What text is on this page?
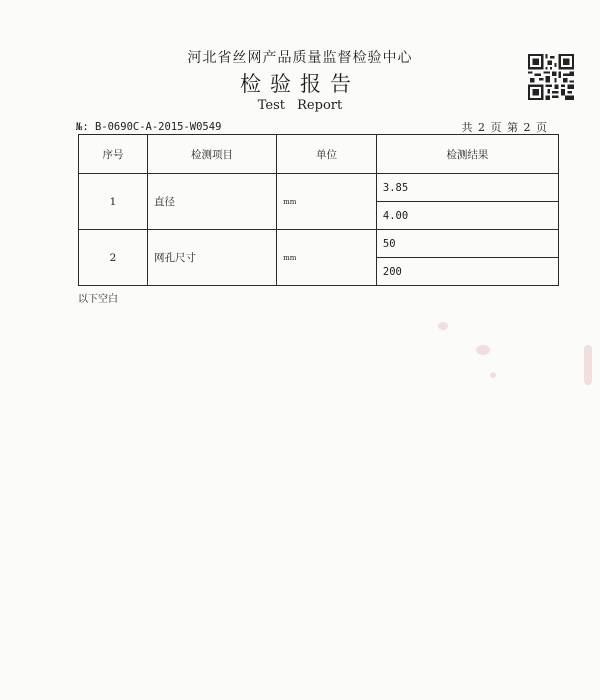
河北省丝网产品质量监督检验中心
检验报告
Test Report
№: B-0690C-A-2015-W0549	共 2 页 第 2 页
序号	检测项目	单位	检测结果
1	直径	mm	3.85
			4.00
2	网孔尺寸	mm	50
			200
以下空白
